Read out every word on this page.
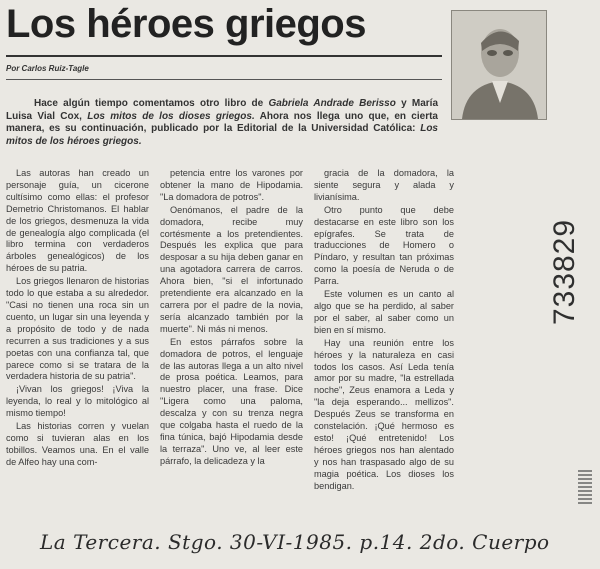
Los héroes griegos
Por Carlos Ruiz-Tagle
Hace algún tiempo comentamos otro libro de Gabriela Andrade Berisso y María Luisa Vial Cox, Los mitos de los dioses griegos. Ahora nos llega uno que, en cierta manera, es su continuación, publicado por la Editorial de la Universidad Católica: Los mitos de los héroes griegos.

Las autoras han creado un personaje guía, un cicerone cultísimo como ellas: el profesor Demetrio Christomanos. El hablar de los griegos, desmenuza la vida de genealogía algo complicada (el libro termina con verdaderos árboles genealógicos) de los héroes de su patria.

Los griegos llenaron de historias todo lo que estaba a su alrededor. "Casi no tienen una roca sin un cuento, un lugar sin una leyenda y a propósito de todo y de nada recurren a sus tradiciones y a sus poetas con una confianza tal, que parece como si se tratara de la verdadera historia de su patria".

¡Vivan los griegos! ¡Viva la leyenda, lo real y lo mitológico al mismo tiempo!

Las historias corren y vuelan como si tuvieran alas en los tobillos. Veamos una. En el valle de Alfeo hay una com-

petencia entre los varones por obtener la mano de Hipodamia. "La domadora de potros".

Oenómanos, el padre de la domadora, recibe muy cortésmente a los pretendientes. Después les explica que para desposar a su hija deben ganar en una agotadora carrera de carros. Ahora bien, "si el infortunado pretendiente era alcanzado en la carrera por el padre de la novia, sería alcanzado también por la muerte". Ni más ni menos.

En estos párrafos sobre la domadora de potros, el lenguaje de las autoras llega a un alto nivel de prosa poética. Leamos, para nuestro placer, una frase. Dice "Ligera como una paloma, descalza y con su trenza negra que colgaba hasta el ruedo de la fina túnica, bajó Hipodamia desde la terraza". Uno ve, al leer este párrafo, la delicadeza y la

gracia de la domadora, la siente segura y alada y livianísima.

Otro punto que debe destacarse en este libro son los epígrafes. Se trata de traducciones de Homero o Píndaro, y resultan tan próximas como la poesía de Neruda o de Parra.

Este volumen es un canto al algo que se ha perdido, al saber por el saber, al saber como un bien en sí mismo.

Hay una reunión entre los héroes y la naturaleza en casi todos los casos. Así Leda tenía amor por su madre, "la estrellada noche", Zeus enamora a Leda y "la deja esperando... mellizos". Después Zeus se transforma en constelación. ¡Qué hermoso es esto! ¡Qué entretenido! Los héroes griegos nos han alentado y nos han traspasado algo de su magia poética. Los dioses los bendigan.

733829
La Tercera. Stgo. 30-VI-1985. p.14. 2do. Cuerpo
